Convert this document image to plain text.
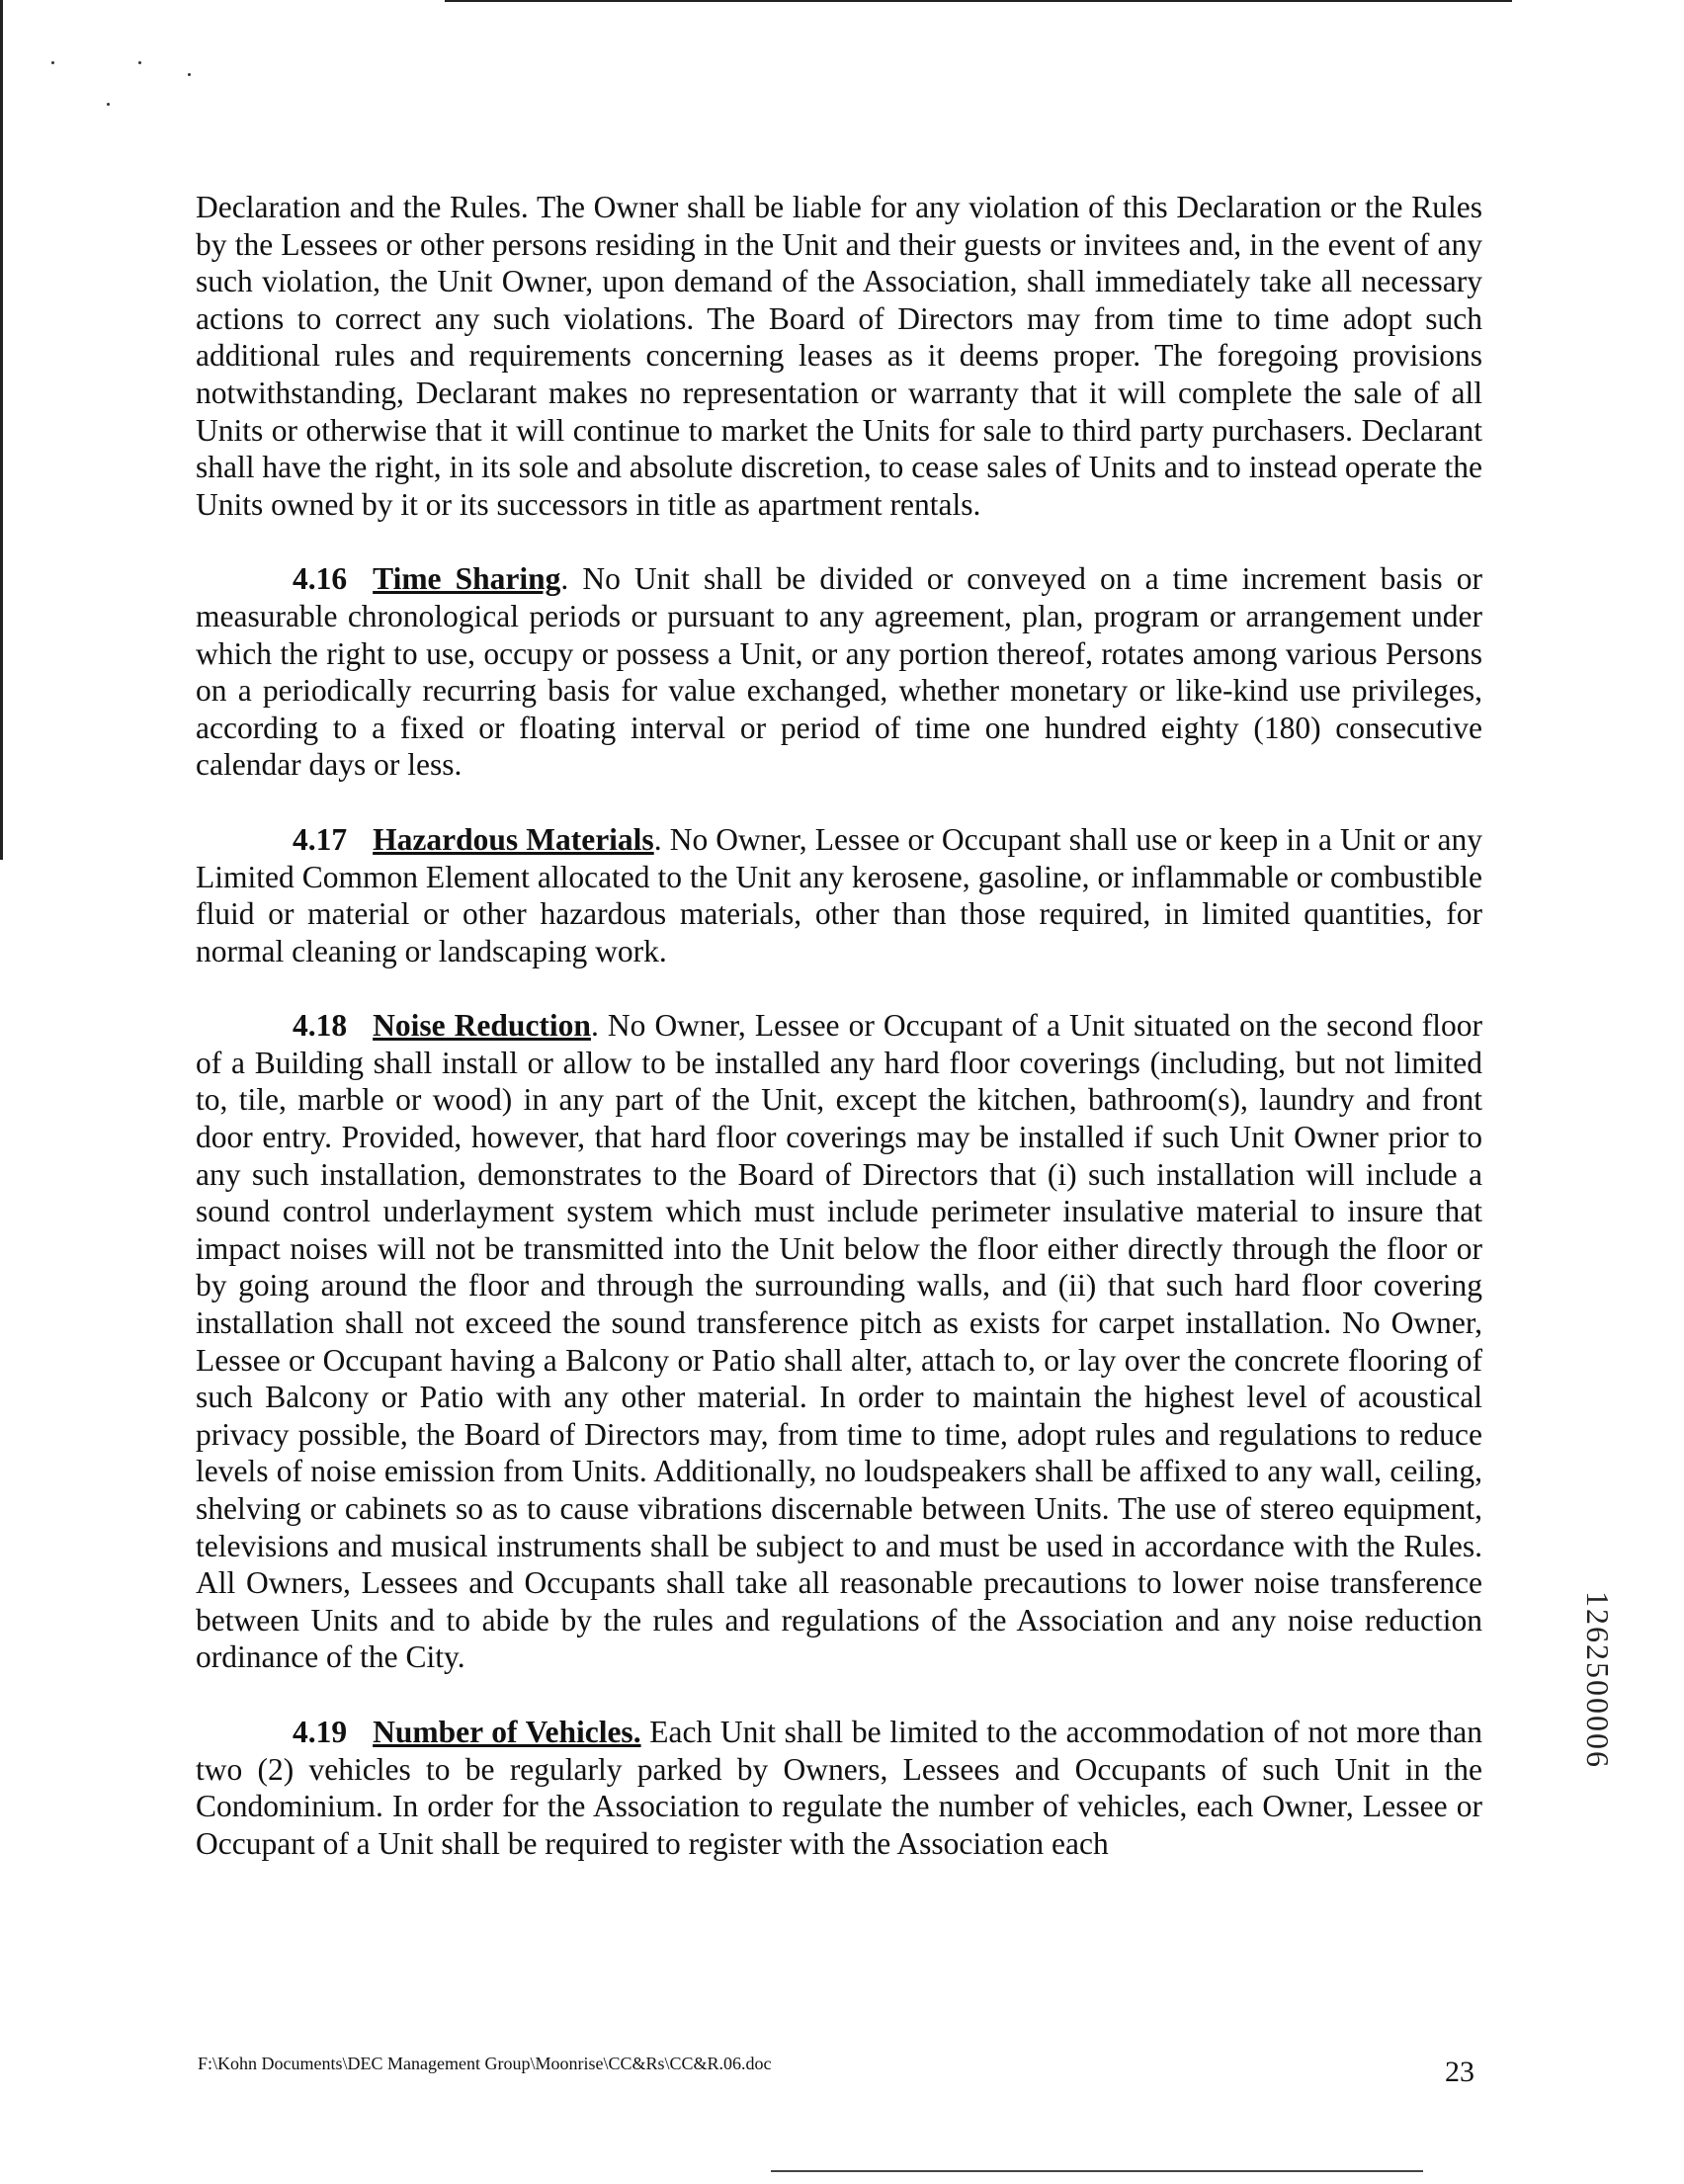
Declaration and the Rules. The Owner shall be liable for any violation of this Declaration or the Rules by the Lessees or other persons residing in the Unit and their guests or invitees and, in the event of any such violation, the Unit Owner, upon demand of the Association, shall immediately take all necessary actions to correct any such violations. The Board of Directors may from time to time adopt such additional rules and requirements concerning leases as it deems proper. The foregoing provisions notwithstanding, Declarant makes no representation or warranty that it will complete the sale of all Units or otherwise that it will continue to market the Units for sale to third party purchasers. Declarant shall have the right, in its sole and absolute discretion, to cease sales of Units and to instead operate the Units owned by it or its successors in title as apartment rentals.

4.16 Time Sharing. No Unit shall be divided or conveyed on a time increment basis or measurable chronological periods or pursuant to any agreement, plan, program or arrangement under which the right to use, occupy or possess a Unit, or any portion thereof, rotates among various Persons on a periodically recurring basis for value exchanged, whether monetary or like-kind use privileges, according to a fixed or floating interval or period of time one hundred eighty (180) consecutive calendar days or less.

4.17 Hazardous Materials. No Owner, Lessee or Occupant shall use or keep in a Unit or any Limited Common Element allocated to the Unit any kerosene, gasoline, or inflammable or combustible fluid or material or other hazardous materials, other than those required, in limited quantities, for normal cleaning or landscaping work.

4.18 Noise Reduction. No Owner, Lessee or Occupant of a Unit situated on the second floor of a Building shall install or allow to be installed any hard floor coverings (including, but not limited to, tile, marble or wood) in any part of the Unit, except the kitchen, bathroom(s), laundry and front door entry. Provided, however, that hard floor coverings may be installed if such Unit Owner prior to any such installation, demonstrates to the Board of Directors that (i) such installation will include a sound control underlayment system which must include perimeter insulative material to insure that impact noises will not be transmitted into the Unit below the floor either directly through the floor or by going around the floor and through the surrounding walls, and (ii) that such hard floor covering installation shall not exceed the sound transference pitch as exists for carpet installation. No Owner, Lessee or Occupant having a Balcony or Patio shall alter, attach to, or lay over the concrete flooring of such Balcony or Patio with any other material. In order to maintain the highest level of acoustical privacy possible, the Board of Directors may, from time to time, adopt rules and regulations to reduce levels of noise emission from Units. Additionally, no loudspeakers shall be affixed to any wall, ceiling, shelving or cabinets so as to cause vibrations discernable between Units. The use of stereo equipment, televisions and musical instruments shall be subject to and must be used in accordance with the Rules. All Owners, Lessees and Occupants shall take all reasonable precautions to lower noise transference between Units and to abide by the rules and regulations of the Association and any noise reduction ordinance of the City.

4.19 Number of Vehicles. Each Unit shall be limited to the accommodation of not more than two (2) vehicles to be regularly parked by Owners, Lessees and Occupants of such Unit in the Condominium. In order for the Association to regulate the number of vehicles, each Owner, Lessee or Occupant of a Unit shall be required to register with the Association each

1262500006
F:\Kohn Documents\DEC Management Group\Moonrise\CC&Rs\CC&R.06.doc	23
